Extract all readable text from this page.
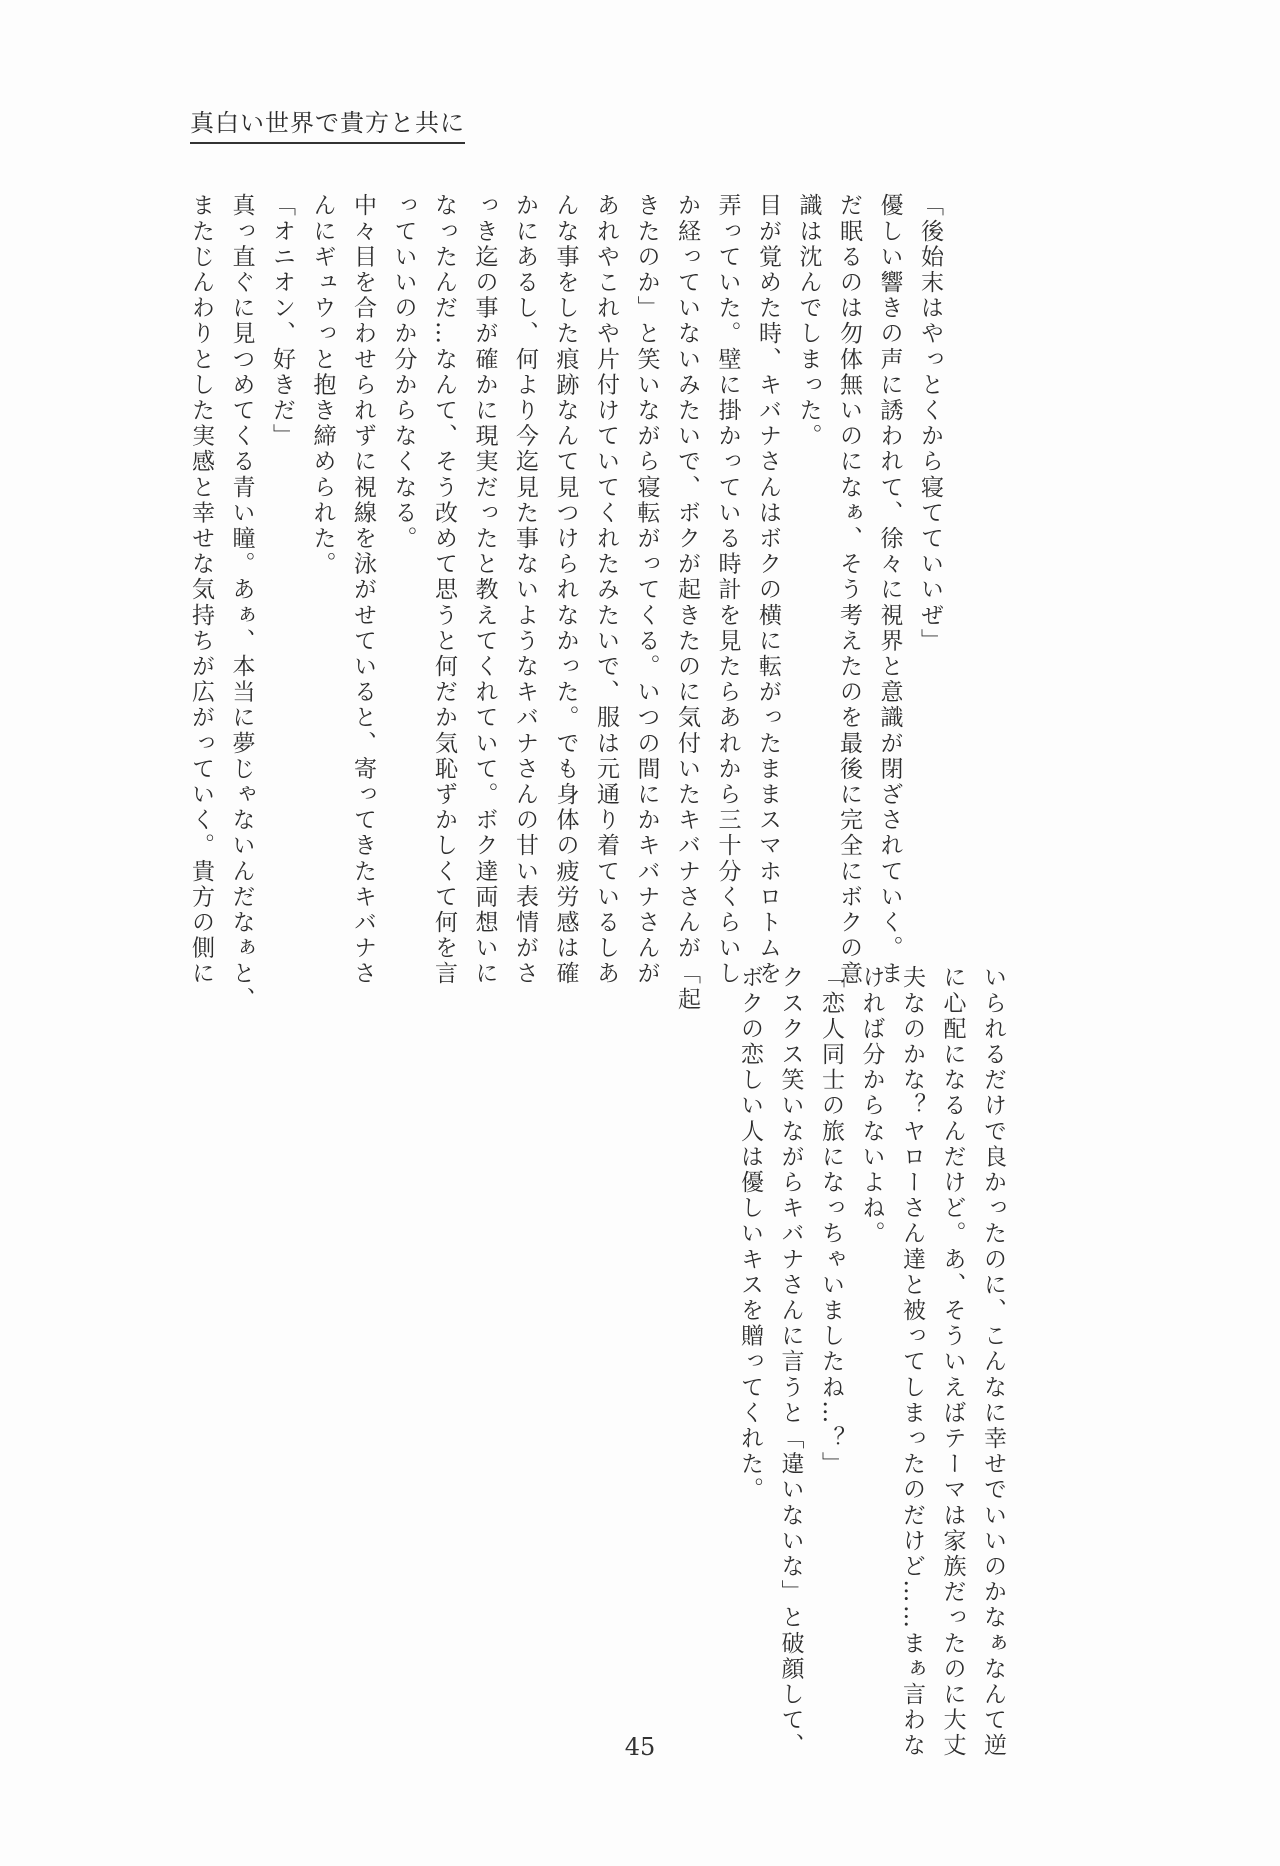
真白い世界で貴方と共に

「後始末はやっとくから寝てていいぜ」

優しい響きの声に誘われて、徐々に視界と意識が閉ざされていく。ま

だ眠るのは勿体無いのになぁ、そう考えたのを最後に完全にボクの意

識は沈んでしまった。

目が覚めた時、キバナさんはボクの横に転がったままスマホロトムを

弄っていた。壁に掛かっている時計を見たらあれから三十分くらいし

か経っていないみたいで、ボクが起きたのに気付いたキバナさんが「起

きたのか」と笑いながら寝転がってくる。いつの間にかキバナさんが

あれやこれや片付けていてくれたみたいで、服は元通り着ているしあ

んな事をした痕跡なんて見つけられなかった。でも身体の疲労感は確

かにあるし、何より今迄見た事ないようなキバナさんの甘い表情がさ

っき迄の事が確かに現実だったと教えてくれていて。ボク達両想いに

なったんだ…なんて、そう改めて思うと何だか気恥ずかしくて何を言

っていいのか分からなくなる。

中々目を合わせられずに視線を泳がせていると、寄ってきたキバナさ

んにギュウっと抱き締められた。

「オニオン、好きだ」

真っ直ぐに見つめてくる青い瞳。あぁ、本当に夢じゃないんだなぁと、

またじんわりとした実感と幸せな気持ちが広がっていく。貴方の側に

いられるだけで良かったのに、こんなに幸せでいいのかなぁなんて逆

に心配になるんだけど。あ、そういえばテーマは家族だったのに大丈

夫なのかな？ヤローさん達と被ってしまったのだけど……まぁ言わな

ければ分からないよね。

「恋人同士の旅になっちゃいましたね…？」

クスクス笑いながらキバナさんに言うと「違いないな」と破顔して、

ボクの恋しい人は優しいキスを贈ってくれた。

45
